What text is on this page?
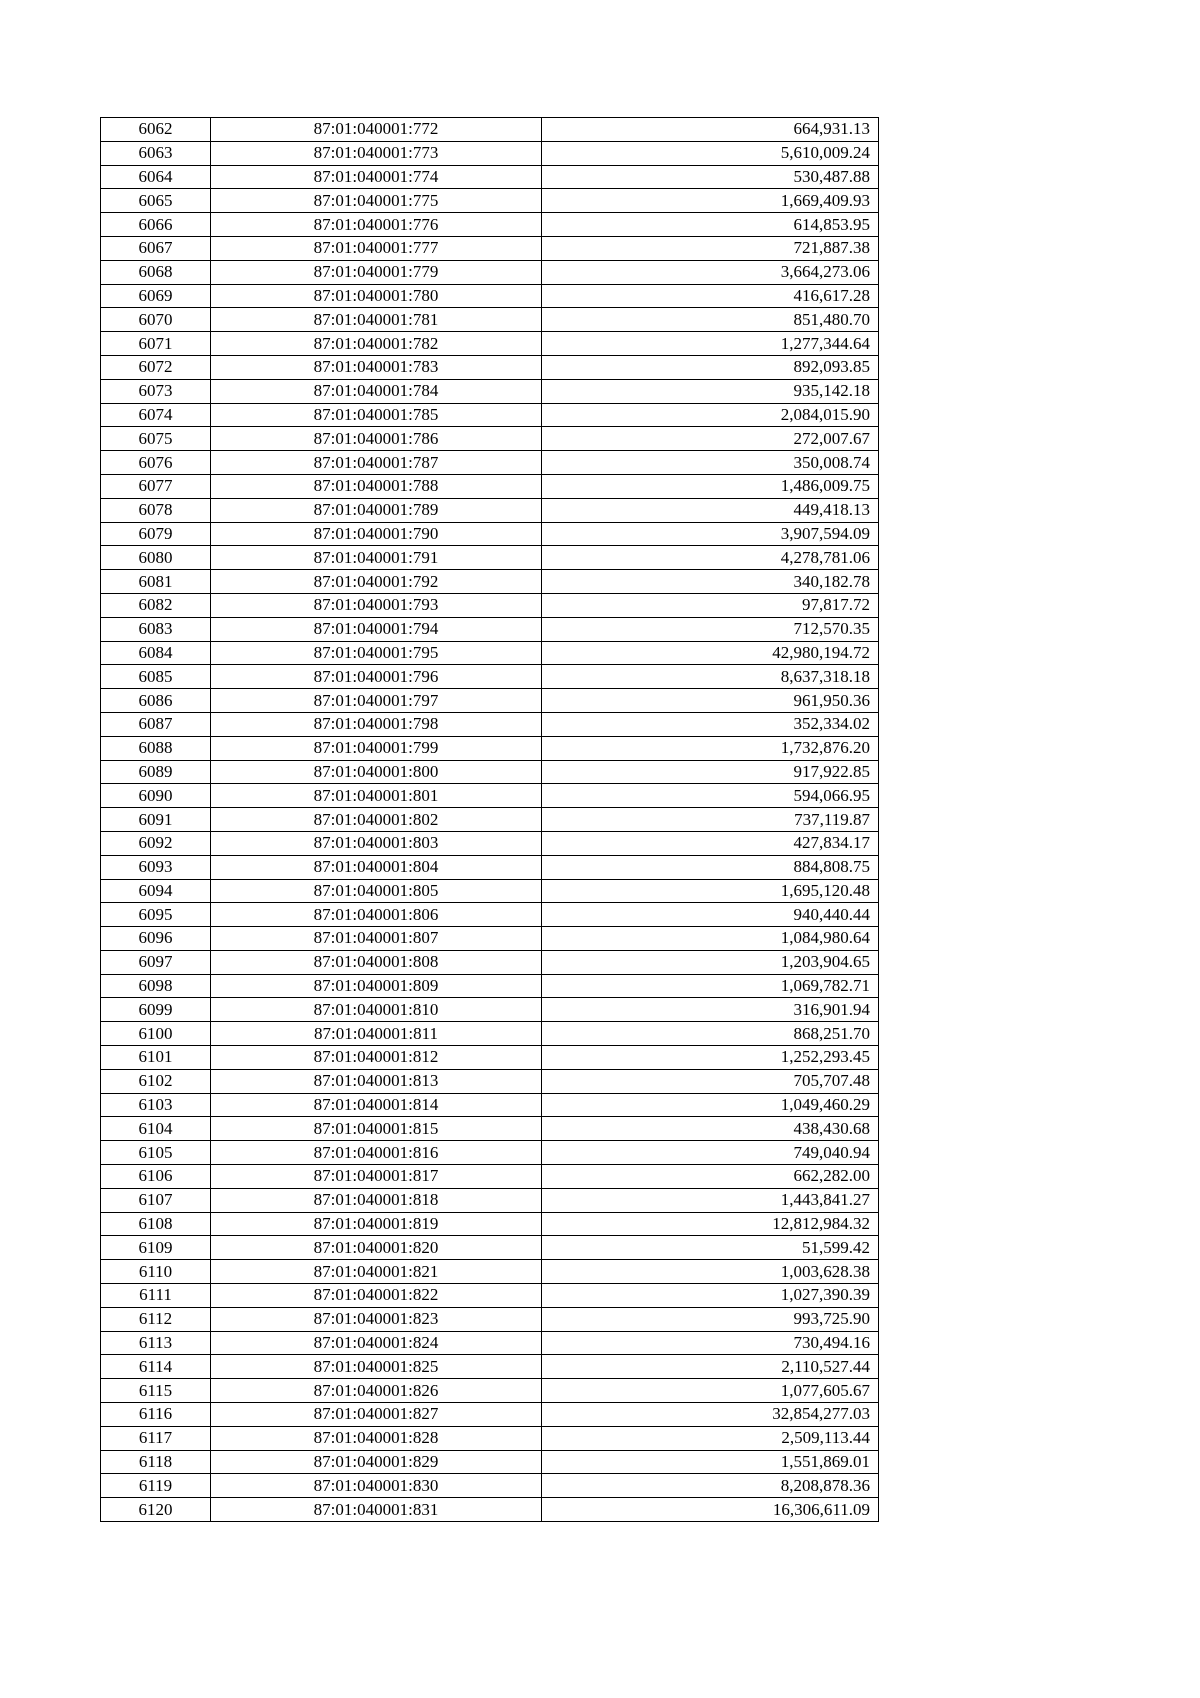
6062	87:01:040001:772	664,931.13
6063	87:01:040001:773	5,610,009.24
6064	87:01:040001:774	530,487.88
6065	87:01:040001:775	1,669,409.93
6066	87:01:040001:776	614,853.95
6067	87:01:040001:777	721,887.38
6068	87:01:040001:779	3,664,273.06
6069	87:01:040001:780	416,617.28
6070	87:01:040001:781	851,480.70
6071	87:01:040001:782	1,277,344.64
6072	87:01:040001:783	892,093.85
6073	87:01:040001:784	935,142.18
6074	87:01:040001:785	2,084,015.90
6075	87:01:040001:786	272,007.67
6076	87:01:040001:787	350,008.74
6077	87:01:040001:788	1,486,009.75
6078	87:01:040001:789	449,418.13
6079	87:01:040001:790	3,907,594.09
6080	87:01:040001:791	4,278,781.06
6081	87:01:040001:792	340,182.78
6082	87:01:040001:793	97,817.72
6083	87:01:040001:794	712,570.35
6084	87:01:040001:795	42,980,194.72
6085	87:01:040001:796	8,637,318.18
6086	87:01:040001:797	961,950.36
6087	87:01:040001:798	352,334.02
6088	87:01:040001:799	1,732,876.20
6089	87:01:040001:800	917,922.85
6090	87:01:040001:801	594,066.95
6091	87:01:040001:802	737,119.87
6092	87:01:040001:803	427,834.17
6093	87:01:040001:804	884,808.75
6094	87:01:040001:805	1,695,120.48
6095	87:01:040001:806	940,440.44
6096	87:01:040001:807	1,084,980.64
6097	87:01:040001:808	1,203,904.65
6098	87:01:040001:809	1,069,782.71
6099	87:01:040001:810	316,901.94
6100	87:01:040001:811	868,251.70
6101	87:01:040001:812	1,252,293.45
6102	87:01:040001:813	705,707.48
6103	87:01:040001:814	1,049,460.29
6104	87:01:040001:815	438,430.68
6105	87:01:040001:816	749,040.94
6106	87:01:040001:817	662,282.00
6107	87:01:040001:818	1,443,841.27
6108	87:01:040001:819	12,812,984.32
6109	87:01:040001:820	51,599.42
6110	87:01:040001:821	1,003,628.38
6111	87:01:040001:822	1,027,390.39
6112	87:01:040001:823	993,725.90
6113	87:01:040001:824	730,494.16
6114	87:01:040001:825	2,110,527.44
6115	87:01:040001:826	1,077,605.67
6116	87:01:040001:827	32,854,277.03
6117	87:01:040001:828	2,509,113.44
6118	87:01:040001:829	1,551,869.01
6119	87:01:040001:830	8,208,878.36
6120	87:01:040001:831	16,306,611.09
